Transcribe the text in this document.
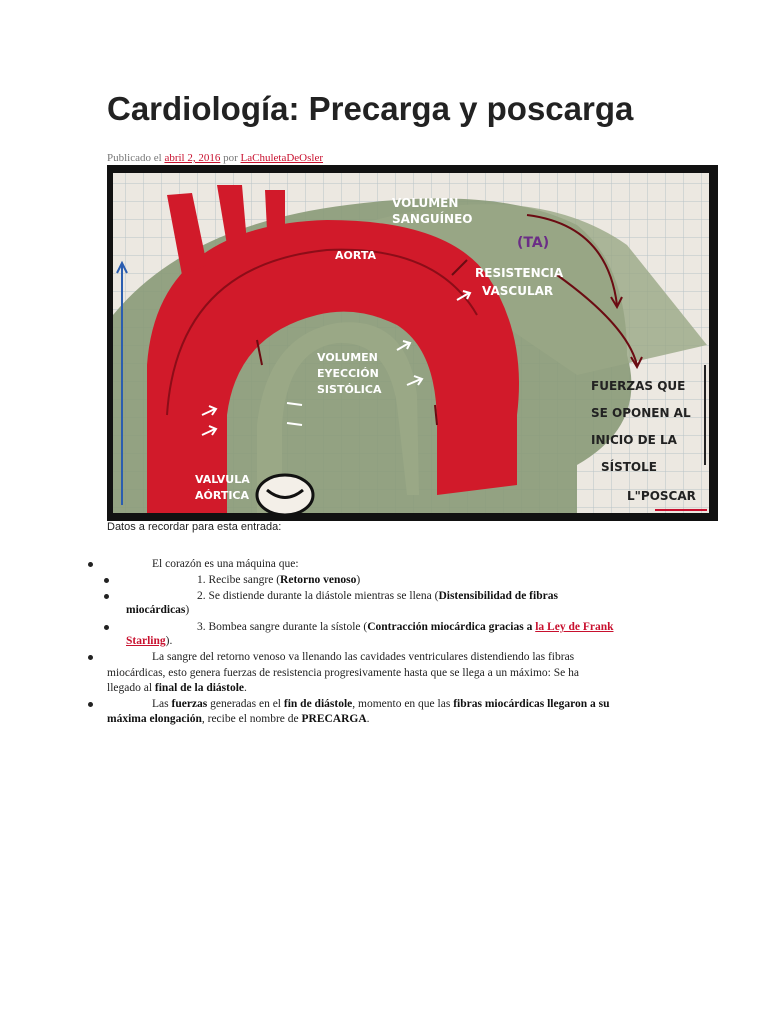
Cardiología: Precarga y poscarga
Publicado el abril 2, 2016 por LaChuletaDeOsler
VOLUMEN
SANGUÍNEO
AORTA
RESISTENCIA
VASCULAR
VOLUMEN
EYECCIÓN
SISTÓLICA
VALVULA
AÓRTICA
(TA)
FUERZAS QUE
SE OPONEN AL
INICIO DE LA
SÍSTOLE
L"POSCAR
Datos a recordar para esta entrada:
El corazón es una máquina que:
1. Recibe sangre (Retorno venoso)
2. Se distiende durante la diástole mientras se llena (Distensibilidad de fibras
miocárdicas)
3. Bombea sangre durante la sístole (Contracción miocárdica gracias a la Ley de Frank
Starling).
La sangre del retorno venoso va llenando las cavidades ventriculares distendiendo las fibras
miocárdicas, esto genera fuerzas de resistencia progresivamente hasta que se llega a un máximo: Se ha
llegado al final de la diástole.
Las fuerzas generadas en el fin de diástole, momento en que las fibras miocárdicas llegaron a su
máxima elongación, recibe el nombre de PRECARGA.
